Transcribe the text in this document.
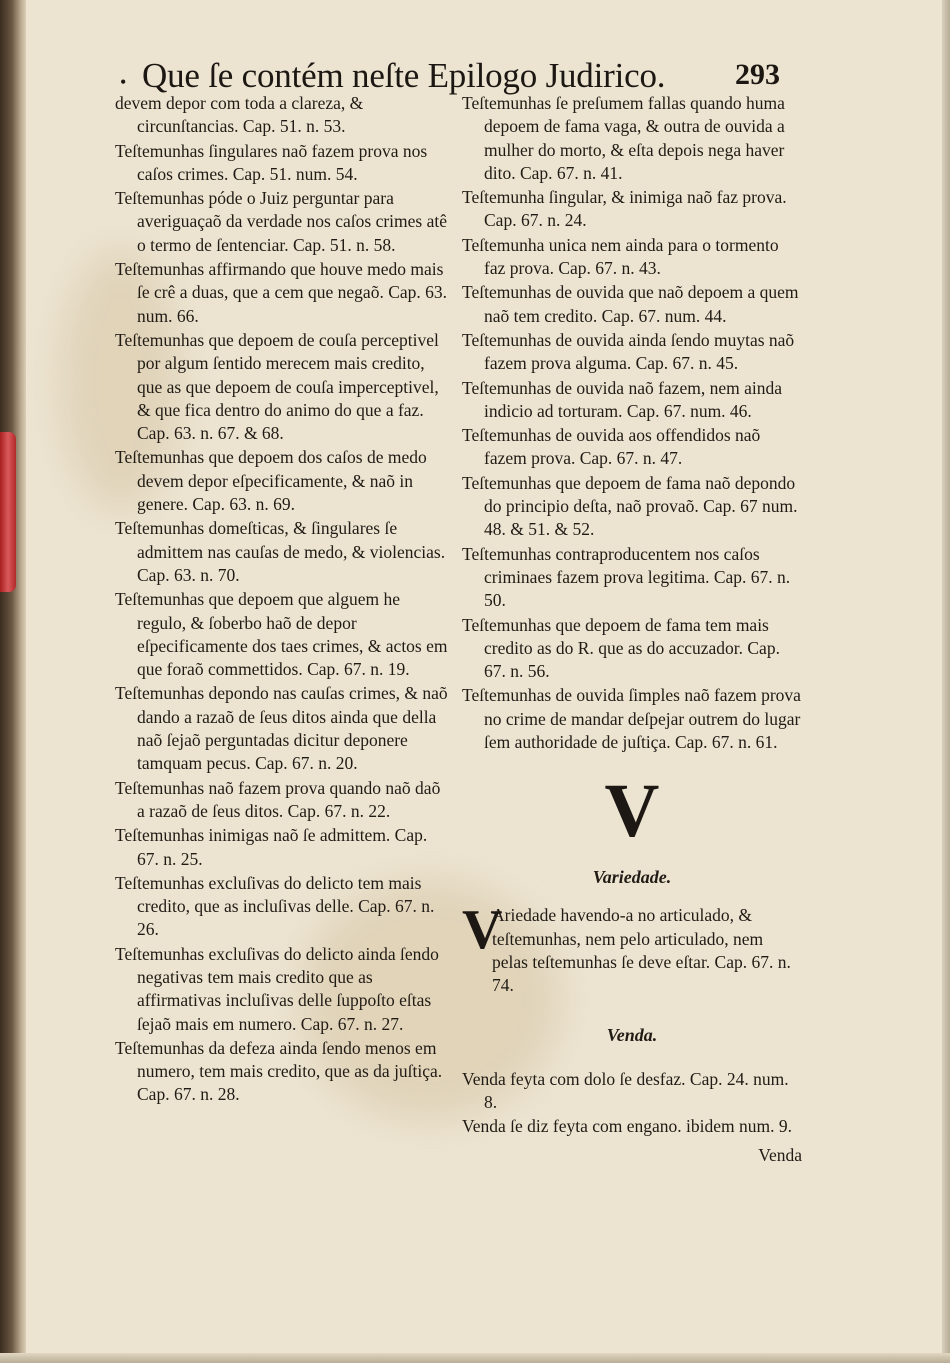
• Que ſe contém neſte Epilogo Judirico. 293

devem depor com toda a clareza, & circunſtancias. Cap. 51. n. 53.

Teſtemunhas ſingulares naõ fazem prova nos caſos crimes. Cap. 51. num. 54.

Teſtemunhas póde o Juiz perguntar para averiguaçaõ da verdade nos caſos crimes atê o termo de ſentenciar. Cap. 51. n. 58.

Teſtemunhas affirmando que houve medo mais ſe crê a duas, que a cem que negaõ. Cap. 63. num. 66.

Teſtemunhas que depoem de couſa perceptivel por algum ſentido merecem mais credito, que as que depoem de couſa imperceptivel, & que fica dentro do animo do que a faz. Cap. 63. n. 67. & 68.

Teſtemunhas que depoem dos caſos de medo devem depor eſpecificamente, & naõ in genere. Cap. 63. n. 69.

Teſtemunhas domeſticas, & ſingulares ſe admittem nas cauſas de medo, & violencias. Cap. 63. n. 70.

Teſtemunhas que depoem que alguem he regulo, & ſoberbo haõ de depor eſpecificamente dos taes crimes, & actos em que foraõ commettidos. Cap. 67. n. 19.

Teſtemunhas depondo nas cauſas crimes, & naõ dando a razaõ de ſeus ditos ainda que della naõ ſejaõ perguntadas dicitur deponere tamquam pecus. Cap. 67. n. 20.

Teſtemunhas naõ fazem prova quando naõ daõ a razaõ de ſeus ditos. Cap. 67. n. 22.

Teſtemunhas inimigas naõ ſe admittem. Cap. 67. n. 25.

Teſtemunhas excluſivas do delicto tem mais credito, que as incluſivas delle. Cap. 67. n. 26.

Teſtemunhas excluſivas do delicto ainda ſendo negativas tem mais credito que as affirmativas incluſivas delle ſuppoſto eſtas ſejaõ mais em numero. Cap. 67. n. 27.

Teſtemunhas da defeza ainda ſendo menos em numero, tem mais credito, que as da juſtiça. Cap. 67. n. 28.

Teſtemunhas ſe preſumem fallas quando huma depoem de fama vaga, & outra de ouvida a mulher do morto, & eſta depois nega haver dito. Cap. 67. n. 41.

Teſtemunha ſingular, & inimiga naõ faz prova. Cap. 67. n. 24.

Teſtemunha unica nem ainda para o tormento faz prova. Cap. 67. n. 43.

Teſtemunhas de ouvida que naõ depoem a quem naõ tem credito. Cap. 67. num. 44.

Teſtemunhas de ouvida ainda ſendo muytas naõ fazem prova alguma. Cap. 67. n. 45.

Teſtemunhas de ouvida naõ fazem, nem ainda indicio ad torturam. Cap. 67. num. 46.

Teſtemunhas de ouvida aos offendidos naõ fazem prova. Cap. 67. n. 47.

Teſtemunhas que depoem de fama naõ depondo do principio deſta, naõ provaõ. Cap. 67 num. 48. & 51. & 52.

Teſtemunhas contraproducentem nos caſos criminaes fazem prova legitima. Cap. 67. n. 50.

Teſtemunhas que depoem de fama tem mais credito as do R. que as do accuzador. Cap. 67. n. 56.

Teſtemunhas de ouvida ſimples naõ fazem prova no crime de mandar deſpejar outrem do lugar ſem authoridade de juſtiça. Cap. 67. n. 61.

V
Variedade.
V
Ariedade havendo-a no articulado, & teſtemunhas, nem pelo articulado, nem pelas teſtemunhas ſe deve eſtar. Cap. 67. n. 74.
Venda.

Venda feyta com dolo ſe desfaz. Cap. 24. num. 8.

Venda ſe diz feyta com engano. ibidem num. 9.

Venda
